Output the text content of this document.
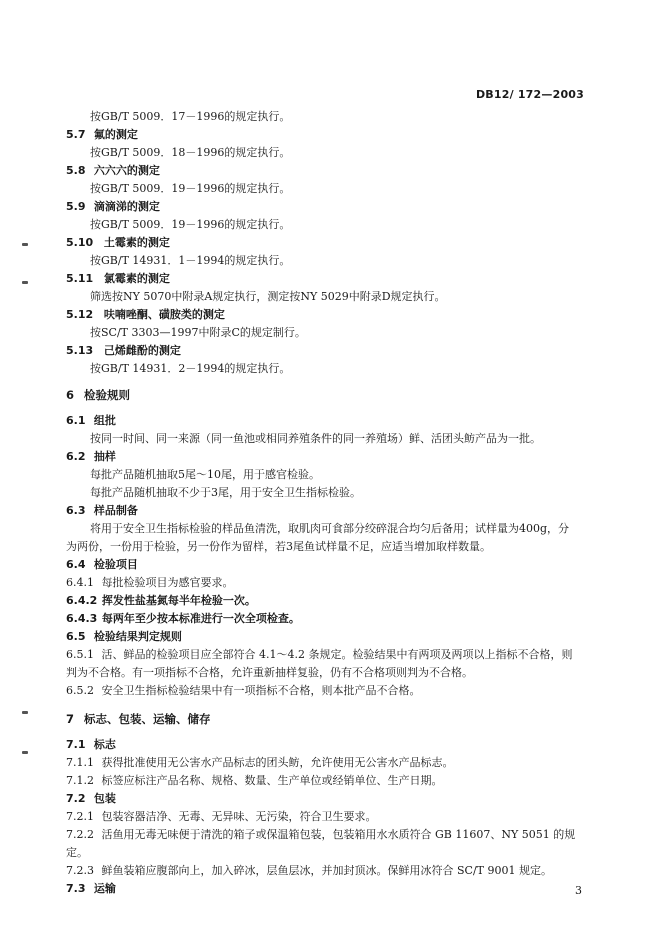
DB12/ 172—2003
按GB/T 5009．17－1996的规定执行。
5.7 氟的测定
按GB/T 5009．18－1996的规定执行。
5.8 六六六的测定
按GB/T 5009．19－1996的规定执行。
5.9 滴滴涕的测定
按GB/T 5009．19－1996的规定执行。
5.10 土霉素的测定
按GB/T 14931．1－1994的规定执行。
5.11 氯霉素的测定
筛选按NY 5070中附录A规定执行，测定按NY 5029中附录D规定执行。
5.12 呋喃唑酮、磺胺类的测定
按SC/T 3303—1997中附录C的规定制行。
5.13 己烯雌酚的测定
按GB/T 14931．2－1994的规定执行。
6 检验规则
6.1 组批
按同一时间、同一来源（同一鱼池或相同养殖条件的同一养殖场）鲜、活团头鲂产品为一批。
6.2 抽样
每批产品随机抽取5尾～10尾，用于感官检验。
每批产品随机抽取不少于3尾，用于安全卫生指标检验。
6.3 样品制备
将用于安全卫生指标检验的样品鱼清洗，取肌肉可食部分绞碎混合均匀后备用；试样量为400g，分
为两份，一份用于检验，另一份作为留样，若3尾鱼试样量不足，应适当增加取样数量。
6.4 检验项目
6.4.1 每批检验项目为感官要求。
6.4.2 挥发性盐基氮每半年检验一次。
6.4.3 每两年至少按本标准进行一次全项检查。
6.5 检验结果判定规则
6.5.1 活、鲜品的检验项目应全部符合 4.1～4.2 条规定。检验结果中有两项及两项以上指标不合格，则
判为不合格。有一项指标不合格，允许重新抽样复验，仍有不合格项则判为不合格。
6.5.2 安全卫生指标检验结果中有一项指标不合格，则本批产品不合格。
7 标志、包装、运输、储存
7.1 标志
7.1.1 获得批准使用无公害水产品标志的团头鲂，允许使用无公害水产品标志。
7.1.2 标签应标注产品名称、规格、数量、生产单位或经销单位、生产日期。
7.2 包装
7.2.1 包装容器洁净、无毒、无异味、无污染，符合卫生要求。
7.2.2 活鱼用无毒无味便于清洗的箱子或保温箱包装，包装箱用水水质符合 GB 11607、NY 5051 的规
定。
7.2.3 鲜鱼装箱应腹部向上，加入碎冰，层鱼层冰，并加封顶冰。保鲜用冰符合 SC/T 9001 规定。
7.3 运输	3
